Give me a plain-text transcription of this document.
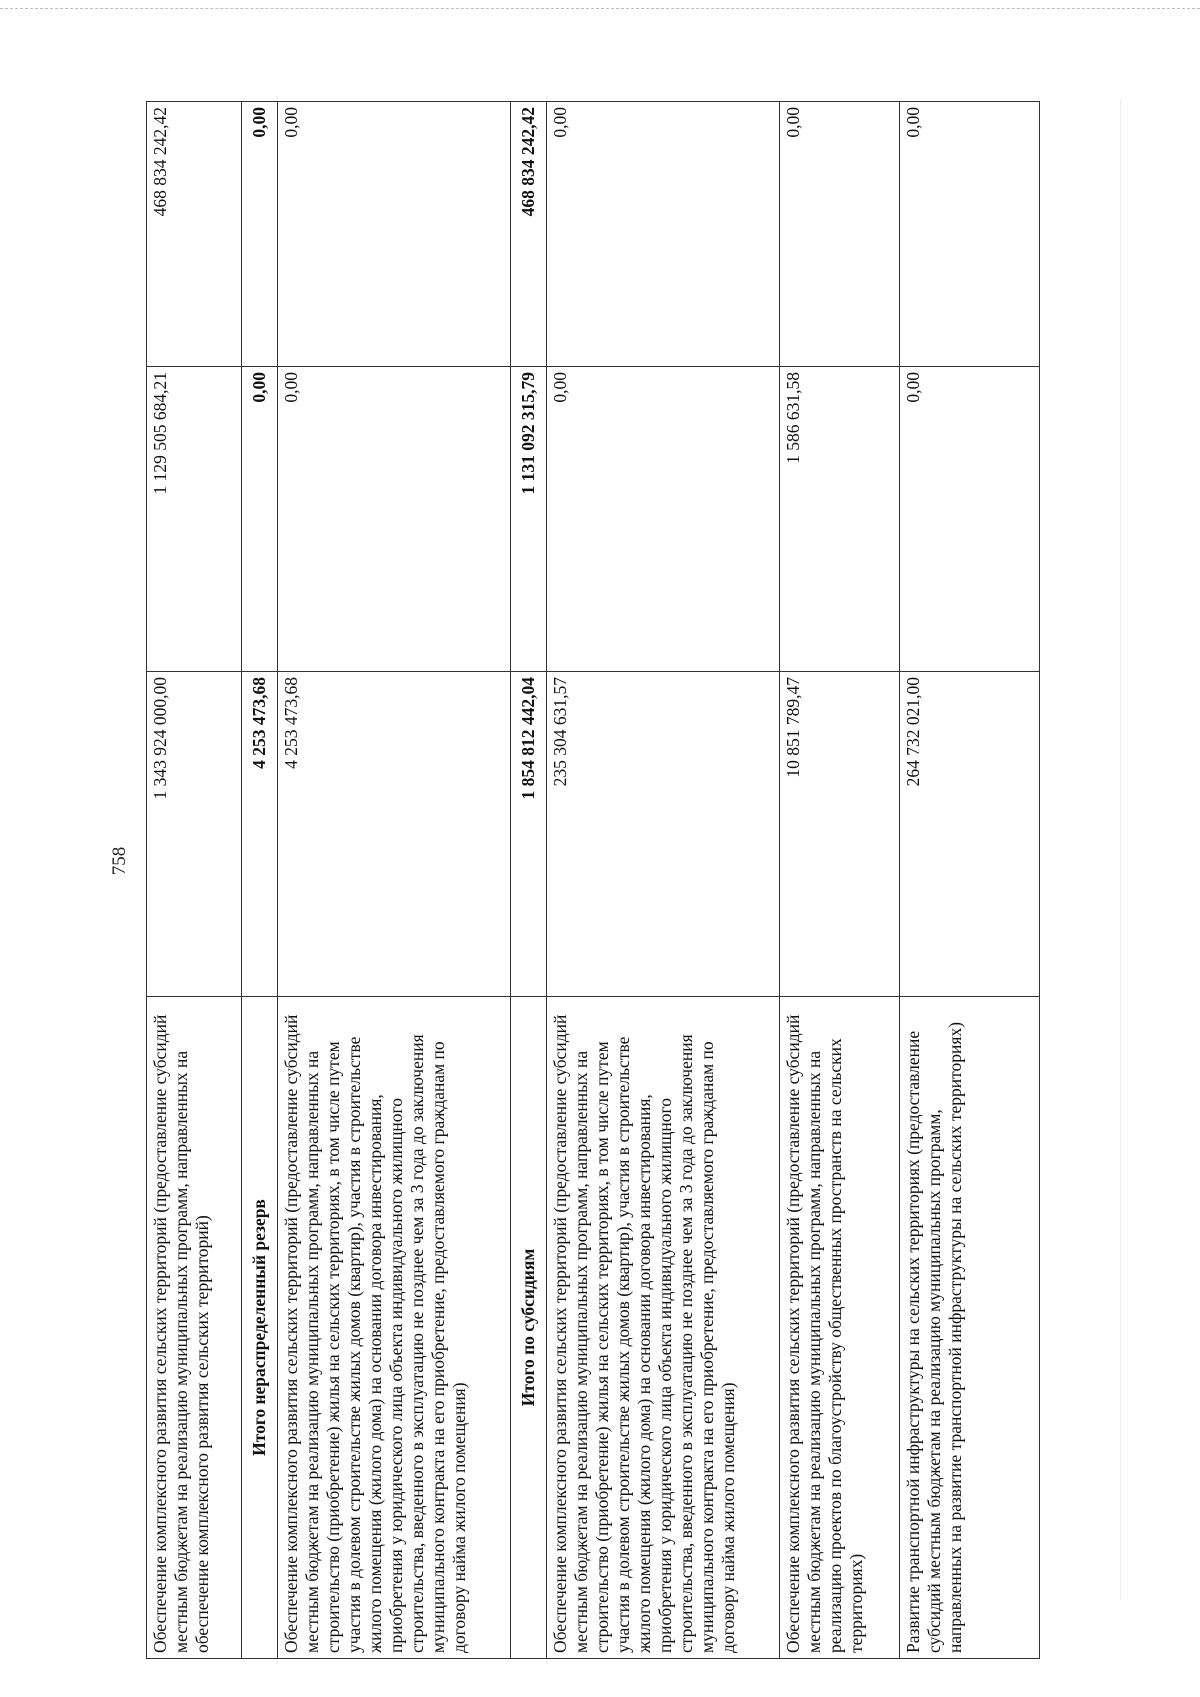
758
Обеспечение комплексного развития сельских территорий (предоставление субсидий местным бюджетам на реализацию муниципальных программ, направленных на обеспечение комплексного развития сельских территорий)	1 343 924 000,00	1 129 505 684,21	468 834 242,42
Итого нераспределенный резерв	4 253 473,68	0,00	0,00
Обеспечение комплексного развития сельских территорий (предоставление субсидий местным бюджетам на реализацию муниципальных программ, направленных на строительство (приобретение) жилья на сельских территориях, в том числе путем участия в долевом строительстве жилых домов (квартир), участия в строительстве жилого помещения (жилого дома) на основании договора инвестирования, приобретения у юридического лица объекта индивидуального жилищного строительства, введенного в эксплуатацию не позднее чем за 3 года до заключения муниципального контракта на его приобретение, предоставляемого гражданам по договору найма жилого помещения)	4 253 473,68	0,00	0,00
Итого по субсидиям	1 854 812 442,04	1 131 092 315,79	468 834 242,42
Обеспечение комплексного развития сельских территорий (предоставление субсидий местным бюджетам на реализацию муниципальных программ, направленных на строительство (приобретение) жилья на сельских территориях, в том числе путем участия в долевом строительстве жилых домов (квартир), участия в строительстве жилого помещения (жилого дома) на основании договора инвестирования, приобретения у юридического лица объекта индивидуального жилищного строительства, введенного в эксплуатацию не позднее чем за 3 года до заключения муниципального контракта на его приобретение, предоставляемого гражданам по договору найма жилого помещения)	235 304 631,57	0,00	0,00
Обеспечение комплексного развития сельских территорий (предоставление субсидий местным бюджетам на реализацию муниципальных программ, направленных на реализацию проектов по благоустройству общественных пространств на сельских территориях)	10 851 789,47	1 586 631,58	0,00
Развитие транспортной инфраструктуры на сельских территориях (предоставление субсидий местным бюджетам на реализацию муниципальных программ, направленных на развитие транспортной инфраструктуры на сельских территориях)	264 732 021,00	0,00	0,00
